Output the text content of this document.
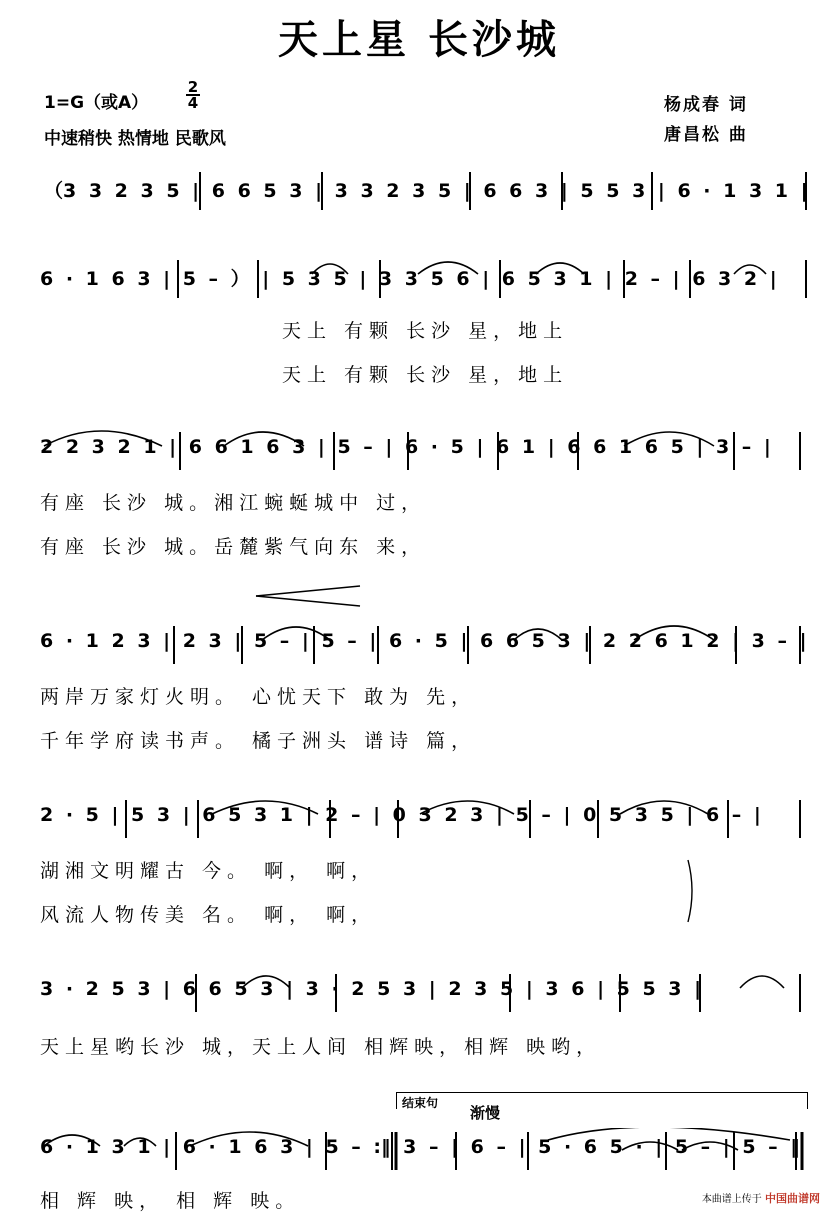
天上星 长沙城
1=G（或A）
2
4
中速稍快 热情地 民歌风
杨成春 词
唐昌松 曲
（3 3 2 3 5 | 6 6 5 3 | 3 3 2 3 5 | 6 6 3 | 5 5 3 | 6 · 1 3 1 |
6 · 1 6 3 | 5 – ） | 5 3 5 | 3 3 5 6 | 6 5 3 1 | 2 – | 6 3 2 |
天上 有颗 长沙 星，地上
天上 有颗 长沙 星，地上
2 2 3 2 1 | 6 6 1 6 3 | 5 – | 6 · 5 | 6 1 | 6 6 1 6 5 | 3 – |
有座 长沙 城。湘江蜿蜒城中 过，
有座 长沙 城。岳麓紫气向东 来，
6 · 1 2 3 | 2 3 | 5 – | 5 – | 6 · 5 | 6 6 5 3 | 2 2 6 1 2 | 3 – |
两岸万家灯火明。 心忧天下 敢为 先，
千年学府读书声。 橘子洲头 谱诗 篇，
2 · 5 | 5 3 | 6 5 3 1 | 2 – | 0 3 2 3 | 5 – | 0 5 3 5 | 6 – |
湖湘文明耀古 今。 啊， 啊，
风流人物传美 名。 啊， 啊，
3 · 2 5 3 | 6 6 5 3 | 3 · 2 5 3 | 2 3 5 | 3 6 | 5 5 3 |
天上星哟长沙 城，天上人间 相辉映，相辉 映哟，
结束句
渐慢
6 · 1 3 1 | 6 · 1 6 3 | 5 – :‖ 3 – | 6 – | 5 · 6 5 · | 5 – | 5 – ‖
相 辉 映， 相 辉 映。	本曲谱上传于 中国曲谱网
